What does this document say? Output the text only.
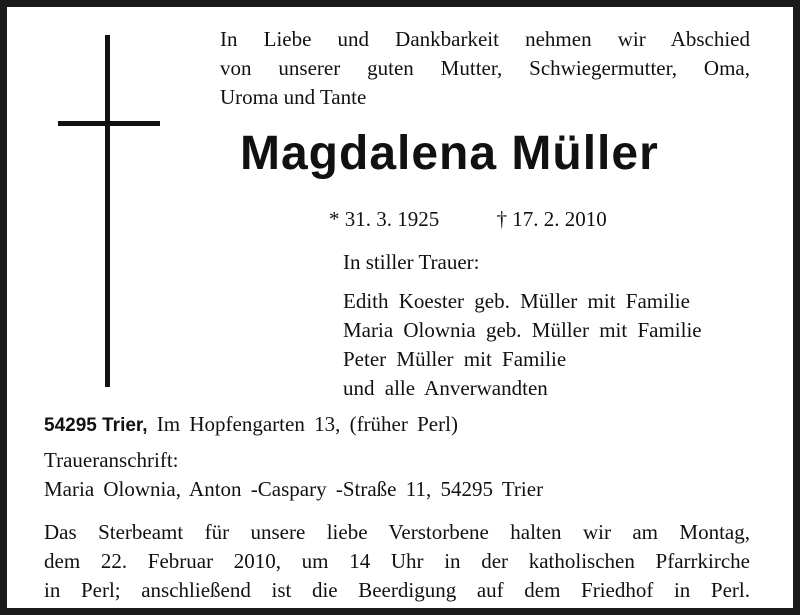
In Liebe und Dankbarkeit nehmen wir Abschied
von unserer guten Mutter, Schwiegermutter, Oma,
Uroma und Tante
Magdalena Müller
* 31. 3. 1925	† 17. 2. 2010
In stiller Trauer:
Edith Koester geb. Müller mit Familie
Maria Olownia geb. Müller mit Familie
Peter Müller mit Familie
und alle Anverwandten
54295 Trier, Im Hopfengarten 13, (früher Perl)
Traueranschrift:
Maria Olownia, Anton -Caspary -Straße 11, 54295 Trier
Das Sterbeamt für unsere liebe Verstorbene halten wir am Montag,
dem 22. Februar 2010, um 14 Uhr in der katholischen Pfarrkirche
in Perl; anschließend ist die Beerdigung auf dem Friedhof in Perl.
